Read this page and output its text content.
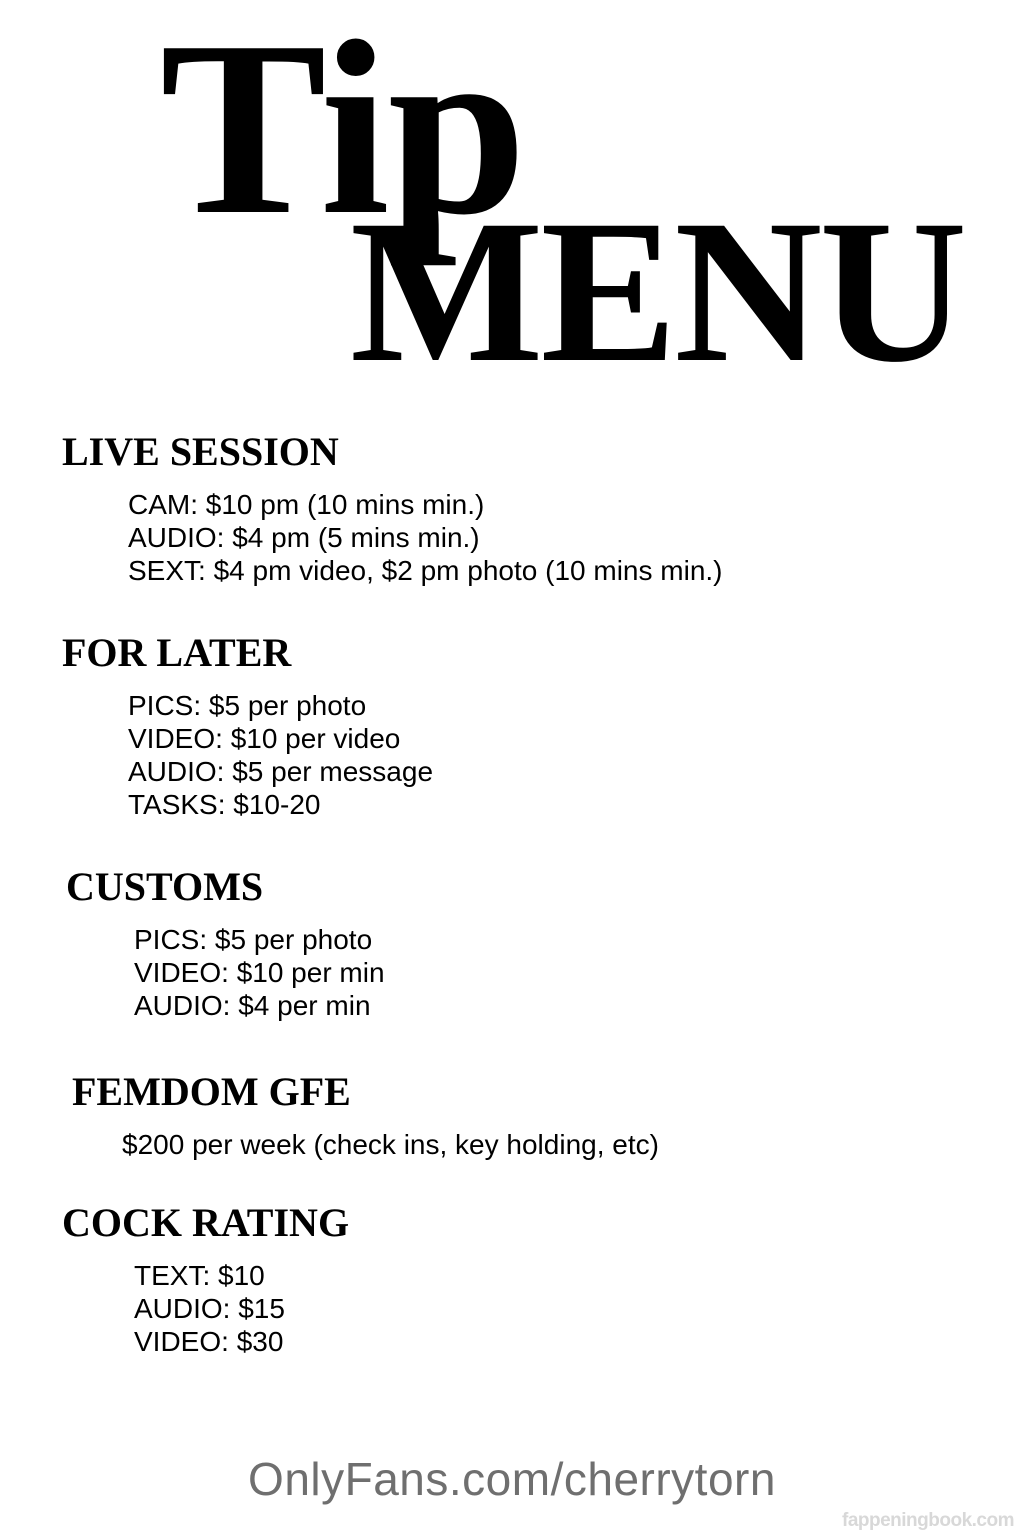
Tip
MENU
LIVE SESSION
CAM: $10 pm (10 mins min.)
AUDIO: $4 pm (5 mins min.)
SEXT: $4 pm video, $2 pm photo (10 mins min.)
FOR LATER
PICS: $5 per photo
VIDEO: $10 per video
AUDIO: $5 per message
TASKS: $10-20
CUSTOMS
PICS: $5 per photo
VIDEO: $10 per min
AUDIO: $4 per min
FEMDOM GFE
$200 per week (check ins, key holding, etc)
COCK RATING
TEXT: $10
AUDIO: $15
VIDEO: $30
OnlyFans.com/cherrytorn
fappeningbook.com
